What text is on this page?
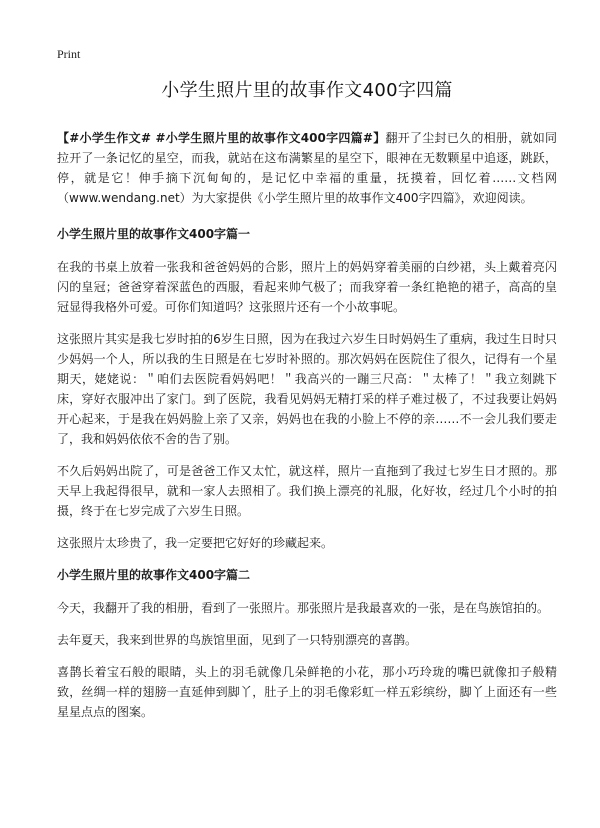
Print
小学生照片里的故事作文400字四篇

【#小学生作文# #小学生照片里的故事作文400字四篇#】翻开了尘封已久的相册，就如同拉开了一条记忆的星空，而我，就站在这布满繁星的星空下，眼神在无数颗星中追逐，跳跃，停，就是它！伸手摘下沉甸甸的，是记忆中幸福的重量，抚摸着，回忆着……文档网（www.wendang.net）为大家提供《小学生照片里的故事作文400字四篇》，欢迎阅读。

小学生照片里的故事作文400字篇一

在我的书桌上放着一张我和爸爸妈妈的合影，照片上的妈妈穿着美丽的白纱裙，头上戴着亮闪闪的皇冠；爸爸穿着深蓝色的西服，看起来帅气极了；而我穿着一条红艳艳的裙子，高高的皇冠显得我格外可爱。可你们知道吗？这张照片还有一个小故事呢。

这张照片其实是我七岁时拍的6岁生日照，因为在我过六岁生日时妈妈生了重病，我过生日时只少妈妈一个人，所以我的生日照是在七岁时补照的。那次妈妈在医院住了很久，记得有一个星期天，姥姥说：＂咱们去医院看妈妈吧！＂我高兴的一蹦三尺高：＂太棒了！＂我立刻跳下床，穿好衣服冲出了家门。到了医院，我看见妈妈无精打采的样子难过极了，不过我要让妈妈开心起来，于是我在妈妈脸上亲了又亲，妈妈也在我的小脸上不停的亲……不一会儿我们要走了，我和妈妈依依不舍的告了别。

不久后妈妈出院了，可是爸爸工作又太忙，就这样，照片一直拖到了我过七岁生日才照的。那天早上我起得很早，就和一家人去照相了。我们换上漂亮的礼服，化好妆，经过几个小时的拍摄，终于在七岁完成了六岁生日照。

这张照片太珍贵了，我一定要把它好好的珍藏起来。

小学生照片里的故事作文400字篇二

今天，我翻开了我的相册，看到了一张照片。那张照片是我最喜欢的一张，是在鸟族馆拍的。

去年夏天，我来到世界的鸟族馆里面，见到了一只特别漂亮的喜鹊。

喜鹊长着宝石般的眼睛，头上的羽毛就像几朵鲜艳的小花，那小巧玲珑的嘴巴就像扣子般精致，丝绸一样的翅膀一直延伸到脚丫，肚子上的羽毛像彩虹一样五彩缤纷，脚丫上面还有一些星星点点的图案。
